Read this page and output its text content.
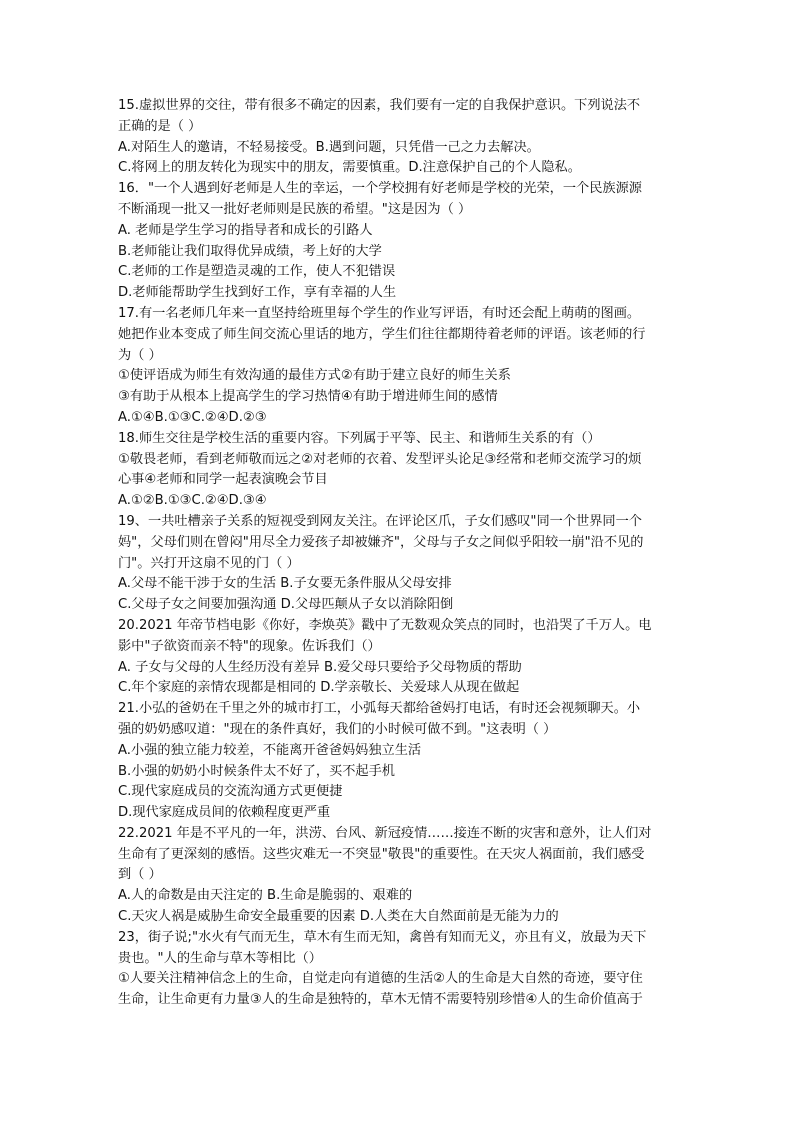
15.虚拟世界的交往，带有很多不确定的因素，我们要有一定的自我保护意识。下列说法不
正确的是（ ）
A.对陌生人的邀请，不轻易接受。B.遇到问题，只凭借一己之力去解决。
C.将网上的朋友转化为现实中的朋友，需要慎重。D.注意保护自己的个人隐私。
16．"一个人遇到好老师是人生的幸运，一个学校拥有好老师是学校的光荣，一个民族源源
不断涌现一批又一批好老师则是民族的希望。"这是因为（ ）
A. 老师是学生学习的指导者和成长的引路人
B.老师能让我们取得优异成绩，考上好的大学
C.老师的工作是塑造灵魂的工作，使人不犯错误
D.老师能帮助学生找到好工作，享有幸福的人生
17.有一名老师几年来一直坚持给班里每个学生的作业写评语，有时还会配上萌萌的图画。
她把作业本变成了师生间交流心里话的地方，学生们往往都期待着老师的评语。该老师的行
为（ ）
①使评语成为师生有效沟通的最佳方式②有助于建立良好的师生关系
③有助于从根本上提高学生的学习热情④有助于增进师生间的感情
A.①④B.①③C.②④D.②③
18.师生交往是学校生活的重要内容。下列属于平等、民主、和谐师生关系的有（）
①敬畏老师，看到老师敬而远之②对老师的衣着、发型评头论足③经常和老师交流学习的烦
心事④老师和同学一起表演晚会节目
A.①②B.①③C.②④D.③④
19、一共吐槽亲子关系的短视受到网友关注。在评论区爪，子女们感叹"同一个世界同一个
妈"，父母们则在曾闷"用尽全力爱孩子却被嫌齐"，父母与子女之间似乎阳较一崩"沿不见的
门"。兴打开这扇不见的门（ ）
A.父母不能干涉于女的生活 B.子女要无条件服从父母安排
C.父母子女之间要加强沟通 D.父母匹颠从子女以消除阳倒
20.2021 年帝节档电影《你好，李焕英》戳中了无数观众笑点的同时，也沿哭了千万人。电
影中"子欲资而亲不特"的现象。佐诉我们（）
A. 子女与父母的人生经历没有差异 B.爱父母只要给予父母物质的帮助
C.年个家庭的亲情农现都是相同的 D.学亲敬长、关爱球人从现在做起
21.小弘的爸奶在千里之外的城市打工，小弧每天都给爸妈打电话，有时还会视频聊天。小
强的奶奶感叹道："现在的条件真好，我们的小时候可做不到。"这表明（ ）
A.小强的独立能力较差，不能离开爸爸妈妈独立生活
B.小强的奶奶小时候条件太不好了，买不起手机
C.现代家庭成员的交流沟通方式更便捷
D.现代家庭成员间的依赖程度更严重
22.2021 年是不平凡的一年，洪涝、台风、新冠疫情……接连不断的灾害和意外，让人们对
生命有了更深刻的感悟。这些灾难无一不突显"敬畏"的重要性。在天灾人祸面前，我们感受
到（ ）
A.人的命数是由天注定的 B.生命是脆弱的、艰难的
C.天灾人祸是威胁生命安全最重要的因素 D.人类在大自然面前是无能为力的
23，街子说;"水火有气而无生，草木有生而无知，禽兽有知而无义，亦且有义，放最为天下
贵也。"人的生命与草木等相比（）
①人要关注精神信念上的生命，自觉走向有道德的生活②人的生命是大自然的奇迹，要守住
生命，让生命更有力量③人的生命是独特的，草木无情不需要特别珍惜④人的生命价值高于
